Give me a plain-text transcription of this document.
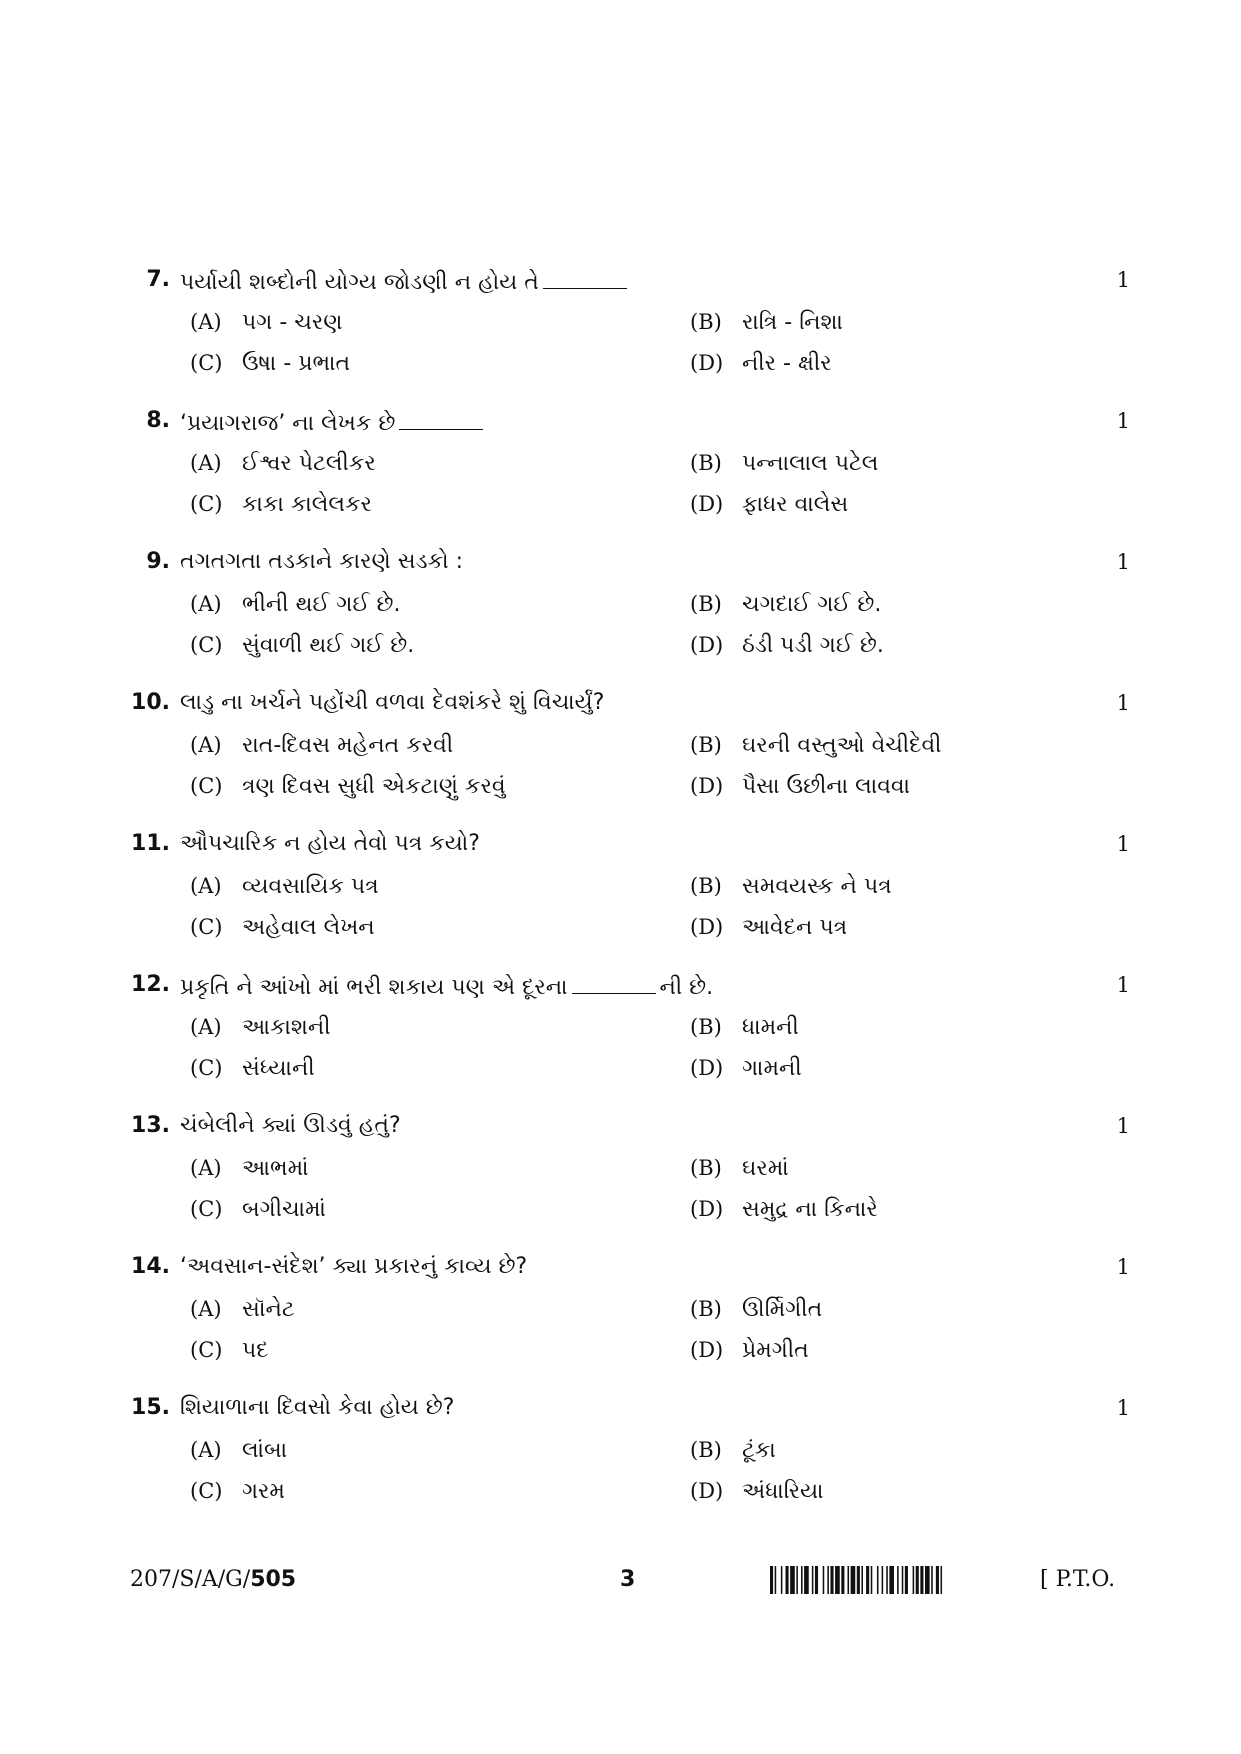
7. પર્યાયી શબ્દોની યોગ્ય જોડણી ન હોય તે	1
(A) પગ - ચરણ	(B) રાત્રિ - નિશા
(C) ઉષા - પ્રભાત	(D) નીર - ક્ષીર
8. ‘પ્રયાગરાજ’ ના લેખક છે	1
(A) ઈશ્વર પેટલીકર	(B) પન્નાલાલ પટેલ
(C) કાકા કાલેલકર	(D) ફાધર વાલેસ
9. તગતગતા તડકાને કારણે સડકો :	1
(A) ભીની થઈ ગઈ છે.	(B) ચગદાઈ ગઈ છે.
(C) સુંવાળી થઈ ગઈ છે.	(D) ઠંડી પડી ગઈ છે.
10. લાડુ ના ખર્ચને પહોંચી વળવા દેવશંકરે શું વિચાર્યું?	1
(A) રાત-દિવસ મહેનત કરવી	(B) ઘરની વસ્તુઓ વેચીદેવી
(C) ત્રણ દિવસ સુધી એકટાણું કરવું	(D) પૈસા ઉછીના લાવવા
11. ઔપચારિક ન હોય તેવો પત્ર કયો?	1
(A) વ્યવસાયિક પત્ર	(B) સમવયસ્ક ને પત્ર
(C) અહેવાલ લેખન	(D) આવેદન પત્ર
12. પ્રકૃતિ ને આંખો માં ભરી શકાય પણ એ દૂરના	ની છે.	1
(A) આકાશની	(B) ધામની
(C) સંધ્યાની	(D) ગામની
13. ચંબેલીને ક્યાં ઊડવું હતું?	1
(A) આભમાં	(B) ઘરમાં
(C) બગીચામાં	(D) સમુદ્ર ના કિનારે
14. ‘અવસાન-સંદેશ’ ક્યા પ્રકારનું કાવ્ય છે?	1
(A) સૉનેટ	(B) ઊર્મિગીત
(C) પદ	(D) પ્રેમગીત
15. શિયાળાના દિવસો કેવા હોય છે?	1
(A) લાંબા	(B) ટૂંકા
(C) ગરમ	(D) અંધારિયા
207/S/A/G/505	3	[ P.T.O.
